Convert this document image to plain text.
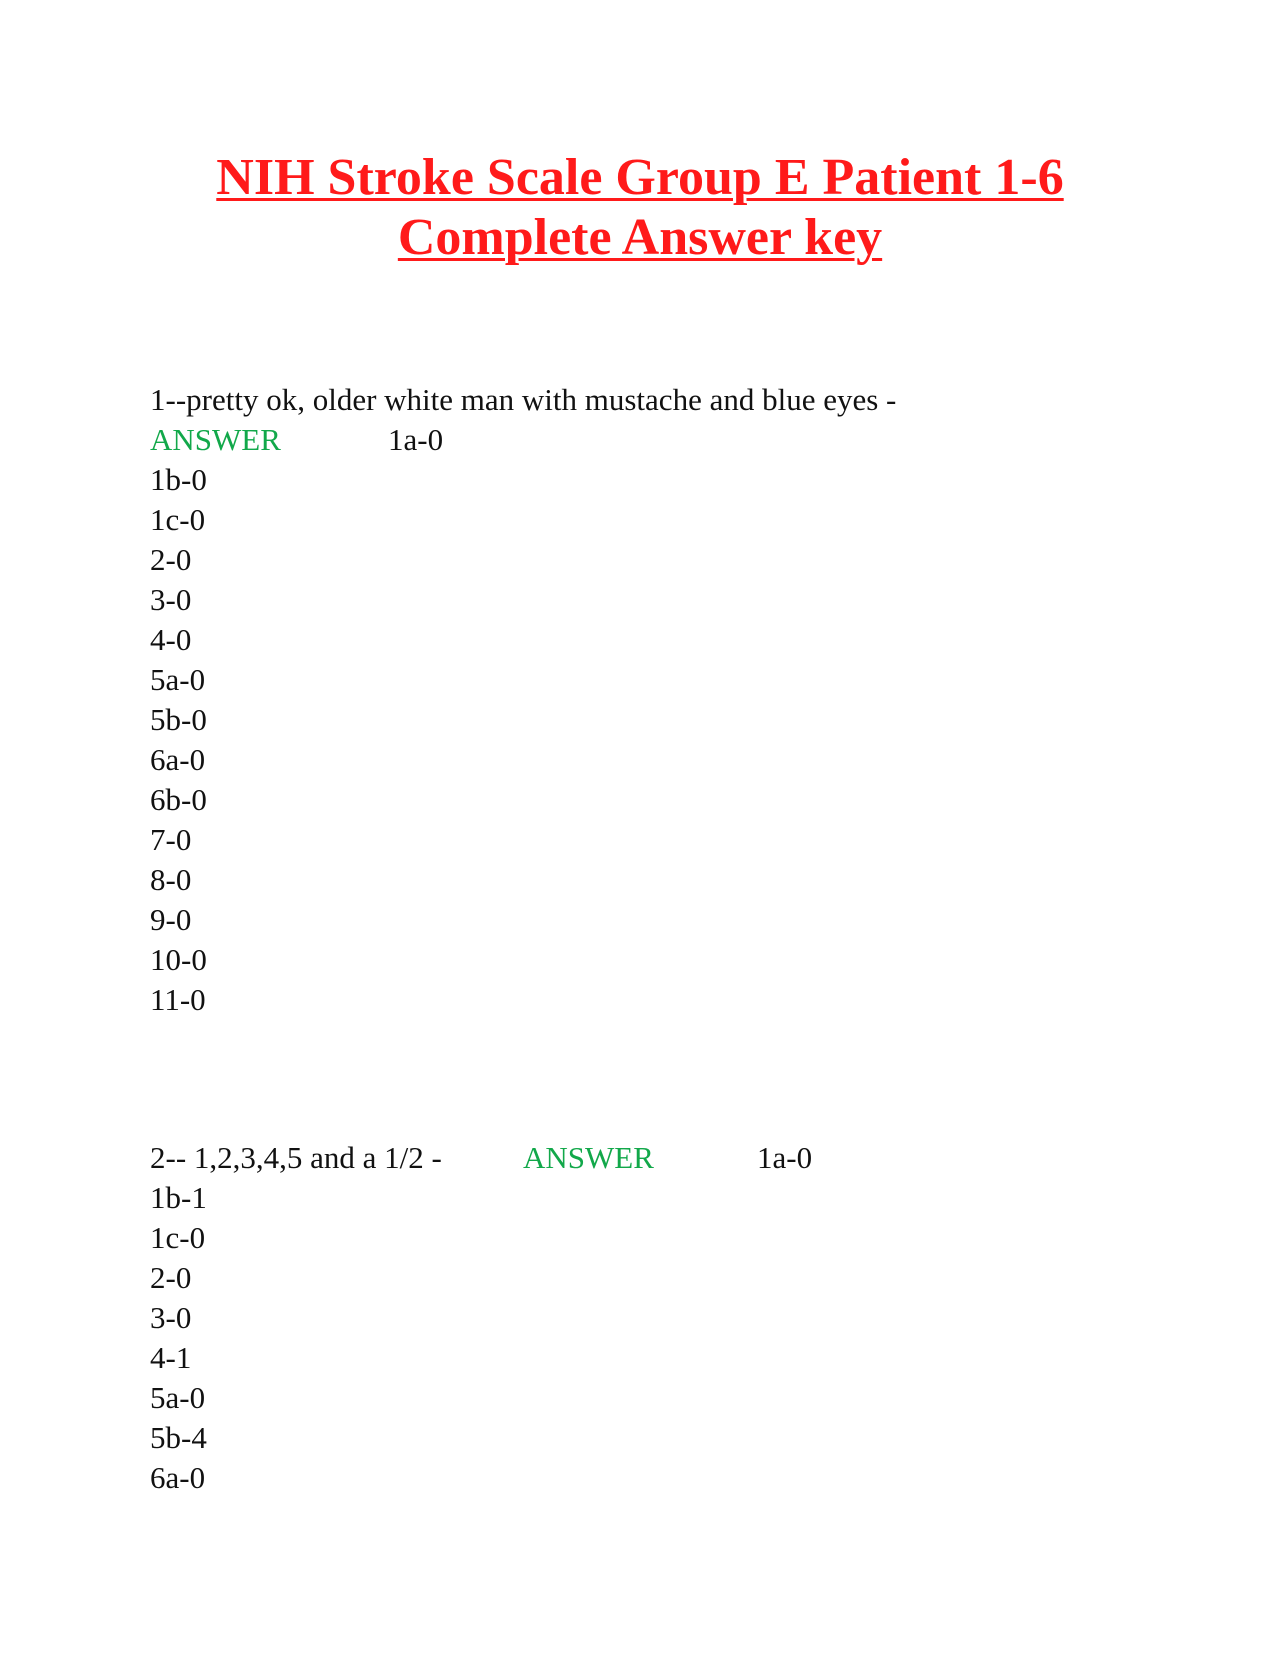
NIH Stroke Scale Group E Patient 1-6
Complete Answer key
1--pretty ok, older white man with mustache and blue eyes -
ANSWER	1a-0
1b-0
1c-0
2-0
3-0
4-0
5a-0
5b-0
6a-0
6b-0
7-0
8-0
9-0
10-0
11-0
2-- 1,2,3,4,5 and a 1/2 -	ANSWER	1a-0
1b-1
1c-0
2-0
3-0
4-1
5a-0
5b-4
6a-0
